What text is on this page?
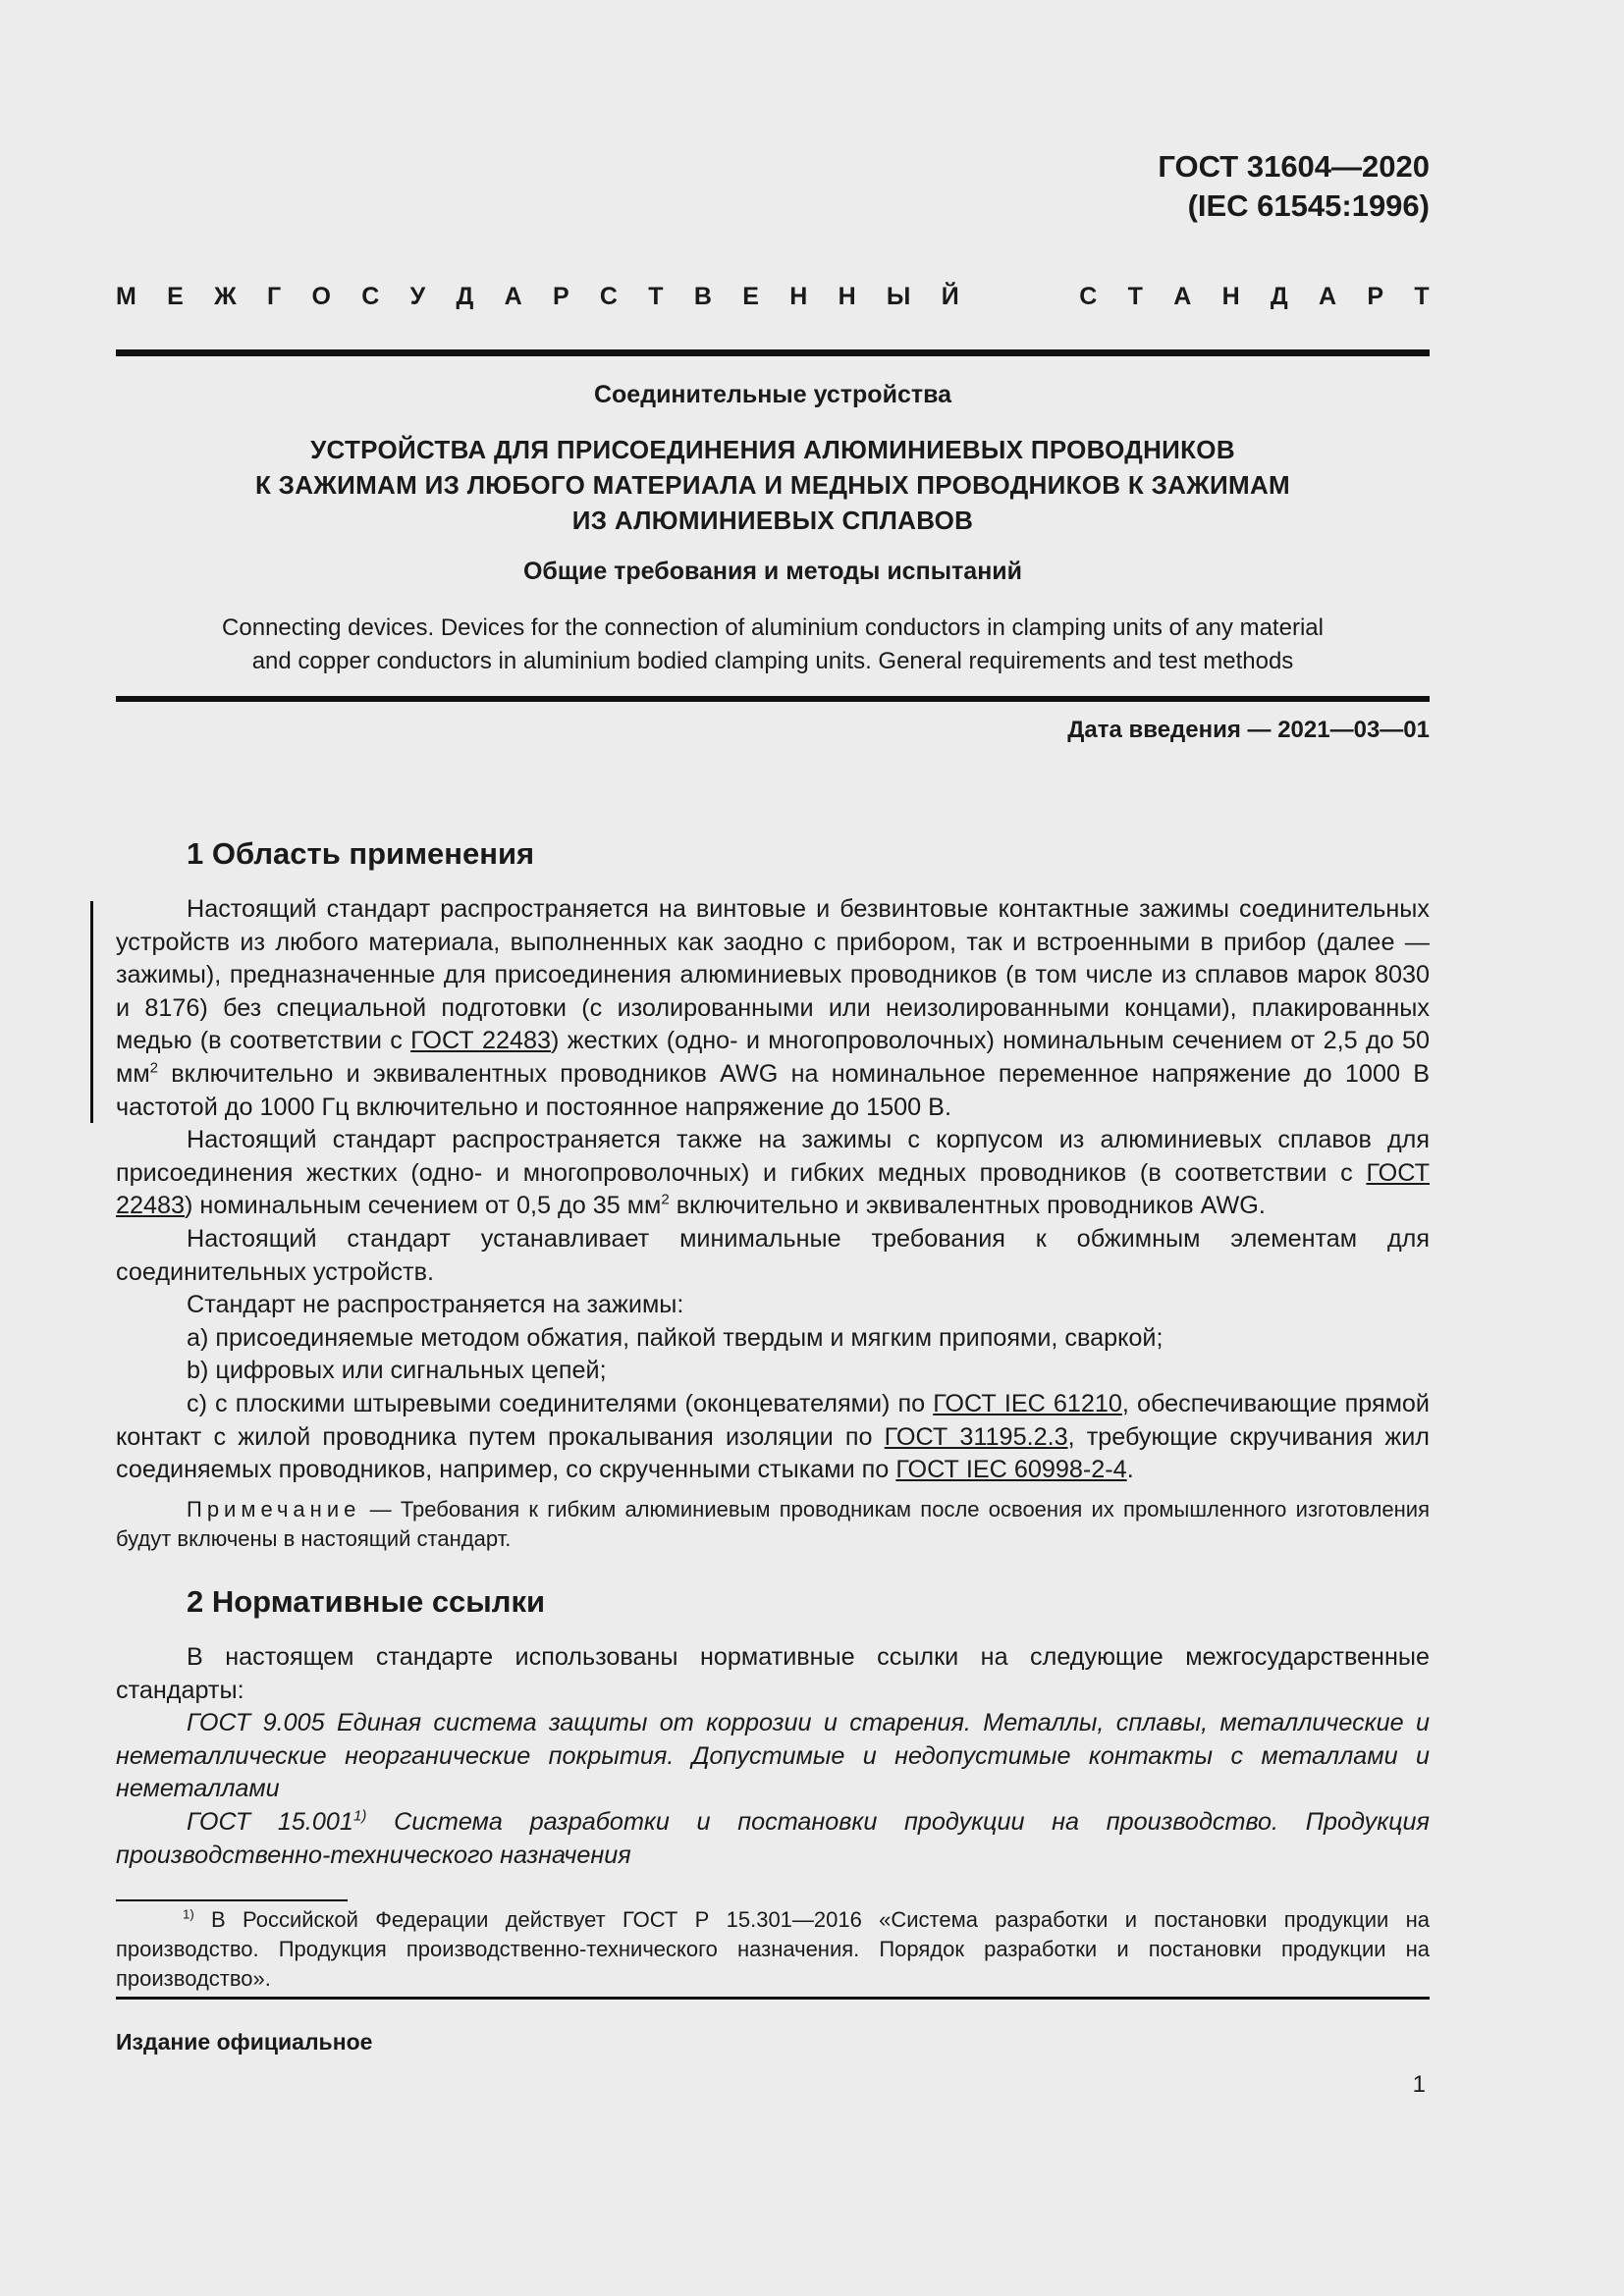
ГОСТ 31604—2020
(IEC 61545:1996)
М Е Ж Г О С У Д А Р С Т В Е Н Н Ы Й	С Т А Н Д А Р Т
Соединительные устройства
УСТРОЙСТВА ДЛЯ ПРИСОЕДИНЕНИЯ АЛЮМИНИЕВЫХ ПРОВОДНИКОВ
К ЗАЖИМАМ ИЗ ЛЮБОГО МАТЕРИАЛА И МЕДНЫХ ПРОВОДНИКОВ К ЗАЖИМАМ
ИЗ АЛЮМИНИЕВЫХ СПЛАВОВ
Общие требования и методы испытаний
Connecting devices. Devices for the connection of aluminium conductors in clamping units of any material
and copper conductors in aluminium bodied clamping units. General requirements and test methods
Дата введения — 2021—03—01
1 Область применения

Настоящий стандарт распространяется на винтовые и безвинтовые контактные зажимы соединительных устройств из любого материала, выполненных как заодно с прибором, так и встроенными в прибор (далее — зажимы), предназначенные для присоединения алюминиевых проводников (в том числе из сплавов марок 8030 и 8176) без специальной подготовки (с изолированными или неизолированными концами), плакированных медью (в соответствии с ГОСТ 22483) жестких (одно- и многопроволочных) номинальным сечением от 2,5 до 50 $мм^2$ включительно и эквивалентных проводников AWG на номинальное переменное напряжение до 1000 В частотой до 1000 Гц включительно и постоянное напряжение до 1500 В.

Настоящий стандарт распространяется также на зажимы с корпусом из алюминиевых сплавов для присоединения жестких (одно- и многопроволочных) и гибких медных проводников (в соответствии с ГОСТ 22483) номинальным сечением от 0,5 до 35 $мм^2$ включительно и эквивалентных проводников AWG.

Настоящий стандарт устанавливает минимальные требования к обжимным элементам для соединительных устройств.

Стандарт не распространяется на зажимы:

а) присоединяемые методом обжатия, пайкой твердым и мягким припоями, сваркой;

b) цифровых или сигнальных цепей;

c) с плоскими штыревыми соединителями (оконцевателями) по ГОСТ IEC 61210, обеспечивающие прямой контакт с жилой проводника путем прокалывания изоляции по ГОСТ 31195.2.3, требующие скручивания жил соединяемых проводников, например, со скрученными стыками по ГОСТ IEC 60998-2-4.

Примечание — Требования к гибким алюминиевым проводникам после освоения их промышленного изготовления будут включены в настоящий стандарт.

2 Нормативные ссылки

В настоящем стандарте использованы нормативные ссылки на следующие межгосударственные стандарты:

ГОСТ 9.005 Единая система защиты от коррозии и старения. Металлы, сплавы, металлические и неметаллические неорганические покрытия. Допустимые и недопустимые контакты с металлами и неметаллами

ГОСТ 15.001$^{1)}$ Система разработки и постановки продукции на производство. Продукция производственно-технического назначения

$^{1)}$ В Российской Федерации действует ГОСТ Р 15.301—2016 «Система разработки и постановки продукции на производство. Продукция производственно-технического назначения. Порядок разработки и постановки продукции на производство».

Издание официальное
1
